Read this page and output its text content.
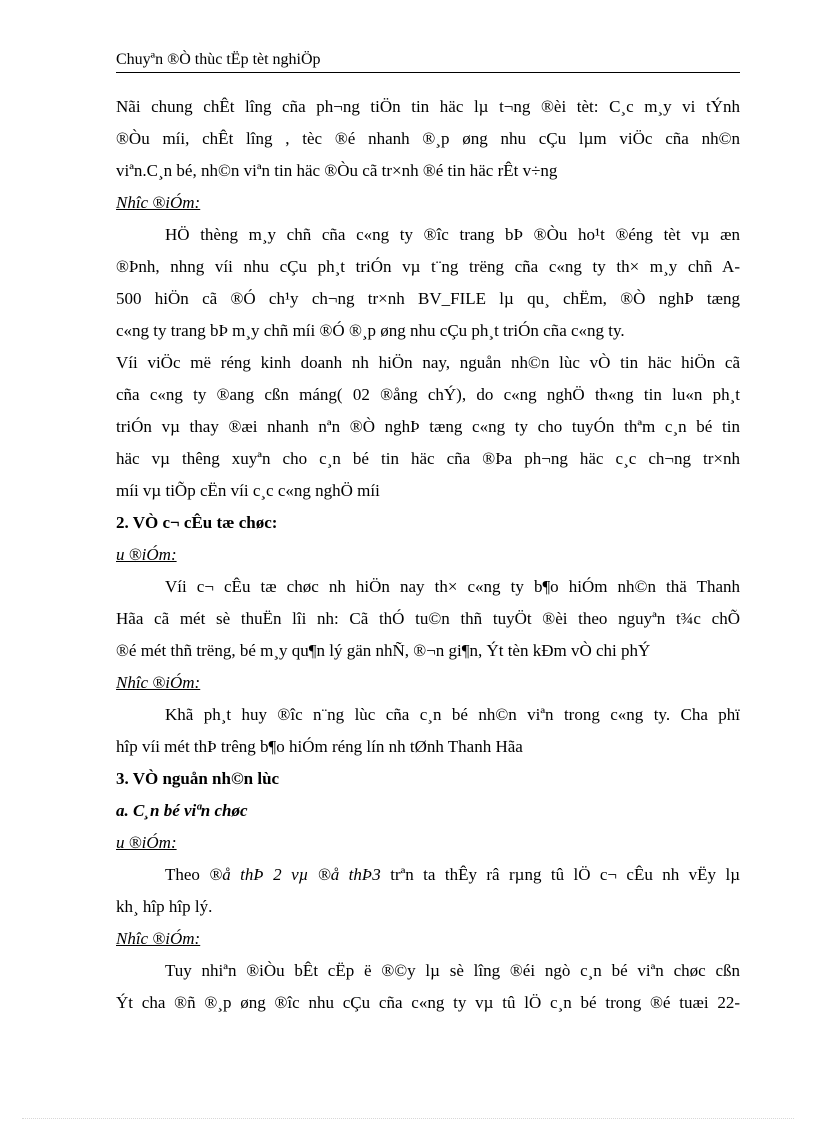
Chuyªn ®Ò thùc tËp tèt nghiÖp

Nãi chung chÊt lîng cña ph¬ng tiÖn tin häc lµ t¬ng ®èi tèt: C¸c m¸y vi tÝnh

®Òu míi, chÊt lîng , tèc ®é nhanh ®¸p øng nhu cÇu lµm viÖc cña nh©n

viªn.C¸n bé, nh©n viªn tin häc ®Òu cã tr×nh ®é tin häc rÊt v÷ng

Nhîc ®iÓm:

HÖ thèng m¸y chñ cña c«ng ty ®îc trang bÞ ®Òu ho¹t ®éng tèt vµ æn

®Þnh, nhng víi nhu cÇu ph¸t triÓn vµ t¨ng trëng cña c«ng ty th× m¸y chñ A-

500 hiÖn cã ®Ó ch¹y ch¬ng tr×nh BV_FILE lµ qu¸ chËm, ®Ò nghÞ tæng

c«ng ty trang bÞ m¸y chñ míi ®Ó ®¸p øng nhu cÇu ph¸t triÓn cña c«ng ty.

Víi viÖc më réng kinh doanh nh hiÖn nay, nguån nh©n lùc vÒ tin häc hiÖn cã

cña c«ng ty ®ang cßn máng( 02 ®ång chÝ), do c«ng nghÖ th«ng tin lu«n ph¸t

triÓn vµ thay ®æi nhanh nªn ®Ò nghÞ tæng c«ng ty cho tuyÓn thªm c¸n bé tin

häc vµ thêng xuyªn cho c¸n bé tin häc cña ®Þa ph¬ng häc c¸c ch¬ng tr×nh

míi vµ tiÕp cËn víi c¸c c«ng nghÖ míi

2. VÒ c¬ cÊu tæ chøc:

u ®iÓm:

Víi c¬ cÊu tæ chøc nh hiÖn nay th× c«ng ty b¶o hiÓm nh©n thä Thanh

Hãa cã mét sè thuËn lîi nh: Cã thÓ tu©n thñ tuyÖt ®èi theo nguyªn t¾c chÕ

®é mét thñ trëng, bé m¸y qu¶n lý gän nhÑ, ®¬n gi¶n, Ýt tèn kÐm vÒ chi phÝ

Nhîc ®iÓm:

Khã ph¸t huy ®îc n¨ng lùc cña c¸n bé nh©n viªn trong c«ng ty. Cha phï

hîp víi mét thÞ trêng b¶o hiÓm réng lín nh tØnh Thanh Hãa

3. VÒ nguån nh©n lùc

a. C¸n bé viªn chøc

u ®iÓm:

Theo ®å thÞ 2 vµ ®å thÞ3 trªn ta thÊy râ rµng tû lÖ c¬ cÊu nh vËy lµ

kh¸ hîp hîp lý.

Nhîc ®iÓm:

Tuy nhiªn ®iÒu bÊt cËp ë ®©y lµ sè lîng ®éi ngò c¸n bé viªn chøc cßn

Ýt cha ®ñ ®¸p øng ®îc nhu cÇu cña c«ng ty vµ tû lÖ c¸n bé trong ®é tuæi 22-
